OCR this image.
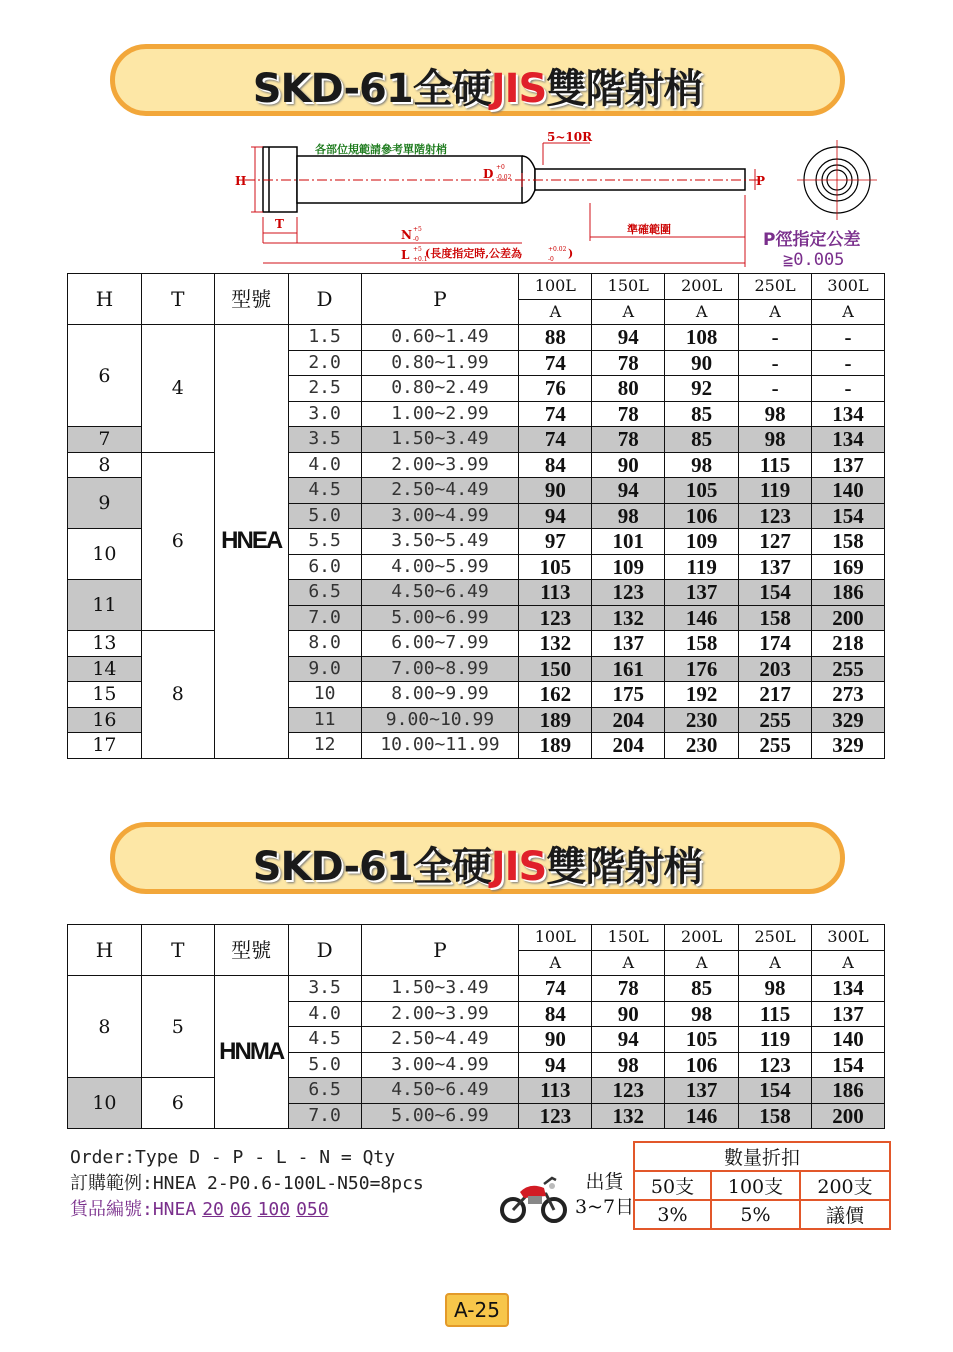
SKD-61全硬JIS雙階射梢
各部位規範請參考單階射梢
5~10R
H
T
D +0
-0.02
N +5
-0
L +5
+0.1
(長度指定時,公差為	+0.02
-0 )
準確範圍
P
P徑指定公差
≧0.005
H	T	型號	D	P	100L	150L	200L	250L	300L
					A	A	A	A	A
6	4	HNEA	1.5	0.60~1.49	88	94	108	-	-
			2.0	0.80~1.99	74	78	90	-	-
			2.5	0.80~2.49	76	80	92	-	-
			3.0	1.00~2.99	74	78	85	98	134
7			3.5	1.50~3.49	74	78	85	98	134
8	6		4.0	2.00~3.99	84	90	98	115	137
9			4.5	2.50~4.49	90	94	105	119	140
			5.0	3.00~4.99	94	98	106	123	154
10			5.5	3.50~5.49	97	101	109	127	158
			6.0	4.00~5.99	105	109	119	137	169
11			6.5	4.50~6.49	113	123	137	154	186
			7.0	5.00~6.99	123	132	146	158	200
13	8		8.0	6.00~7.99	132	137	158	174	218
14			9.0	7.00~8.99	150	161	176	203	255
15			10	8.00~9.99	162	175	192	217	273
16			11	9.00~10.99	189	204	230	255	329
17			12	10.00~11.99	189	204	230	255	329
SKD-61全硬JIS雙階射梢
H	T	型號	D	P	100L	150L	200L	250L	300L
					A	A	A	A	A
8	5	HNMA	3.5	1.50~3.49	74	78	85	98	134
			4.0	2.00~3.99	84	90	98	115	137
			4.5	2.50~4.49	90	94	105	119	140
			5.0	3.00~4.99	94	98	106	123	154
10	6		6.5	4.50~6.49	113	123	137	154	186
			7.0	5.00~6.99	123	132	146	158	200
Order:Type D - P - L - N = Qty
訂購範例:HNEA 2-P0.6-100L-N50=8pcs
貨品編號:HNEA 20 06 100 050
出貨
3~7日
數量折扣		
50支	100支	200支
3%	5%	議價
A-25
